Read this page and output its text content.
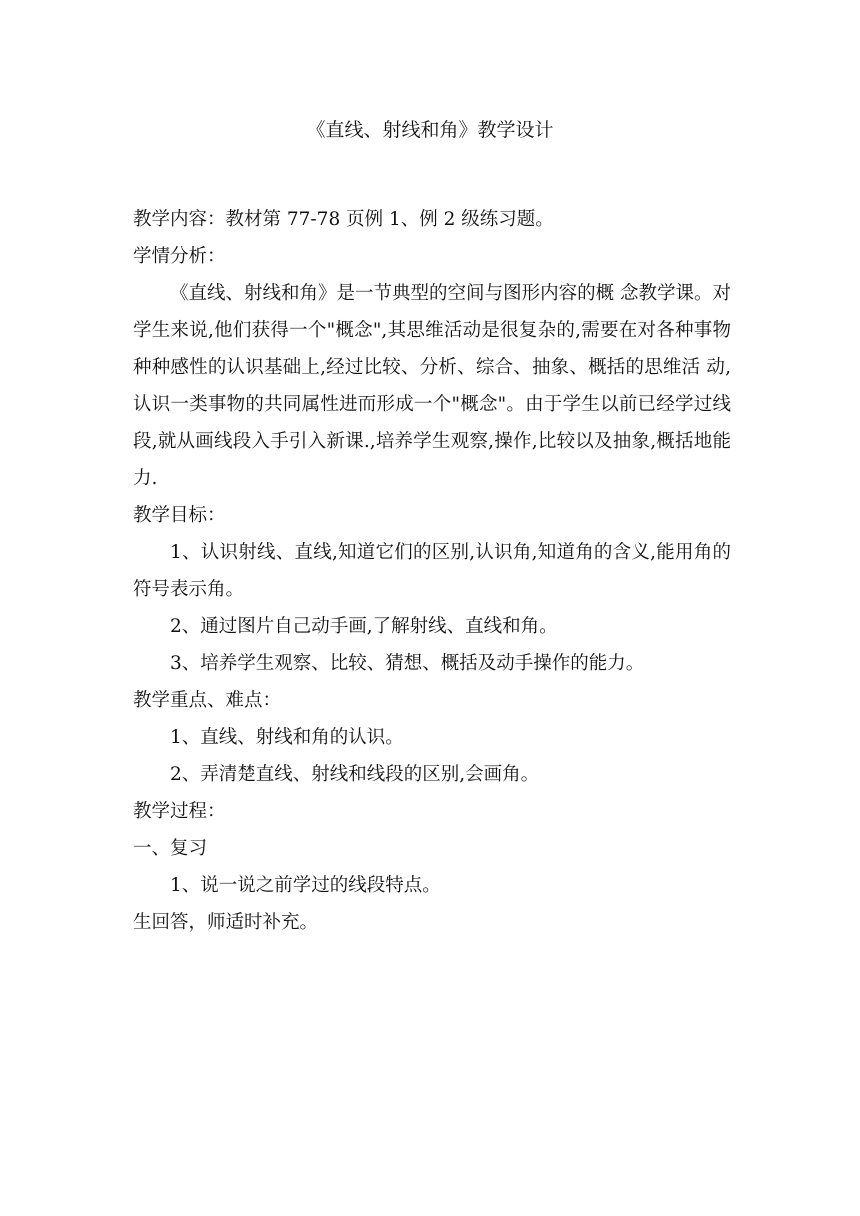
《直线、射线和角》教学设计

教学内容：教材第 77-78 页例 1、例 2 级练习题。

学情分析：

《直线、射线和角》是一节典型的空间与图形内容的概 念教学课。对学生来说,他们获得一个"概念",其思维活动是很复杂的,需要在对各种事物种种感性的认识基础上,经过比较、分析、综合、抽象、概括的思维活 动,认识一类事物的共同属性进而形成一个"概念"。由于学生以前已经学过线段,就从画线段入手引入新课.,培养学生观察,操作,比较以及抽象,概括地能力.

教学目标：

1、认识射线、直线,知道它们的区别,认识角,知道角的含义,能用角的符号表示角。

2、通过图片自己动手画,了解射线、直线和角。

3、培养学生观察、比较、猜想、概括及动手操作的能力。

教学重点、难点：

1、直线、射线和角的认识。

2、弄清楚直线、射线和线段的区别,会画角。

教学过程：

一、复习

1、说一说之前学过的线段特点。

生回答，师适时补充。
